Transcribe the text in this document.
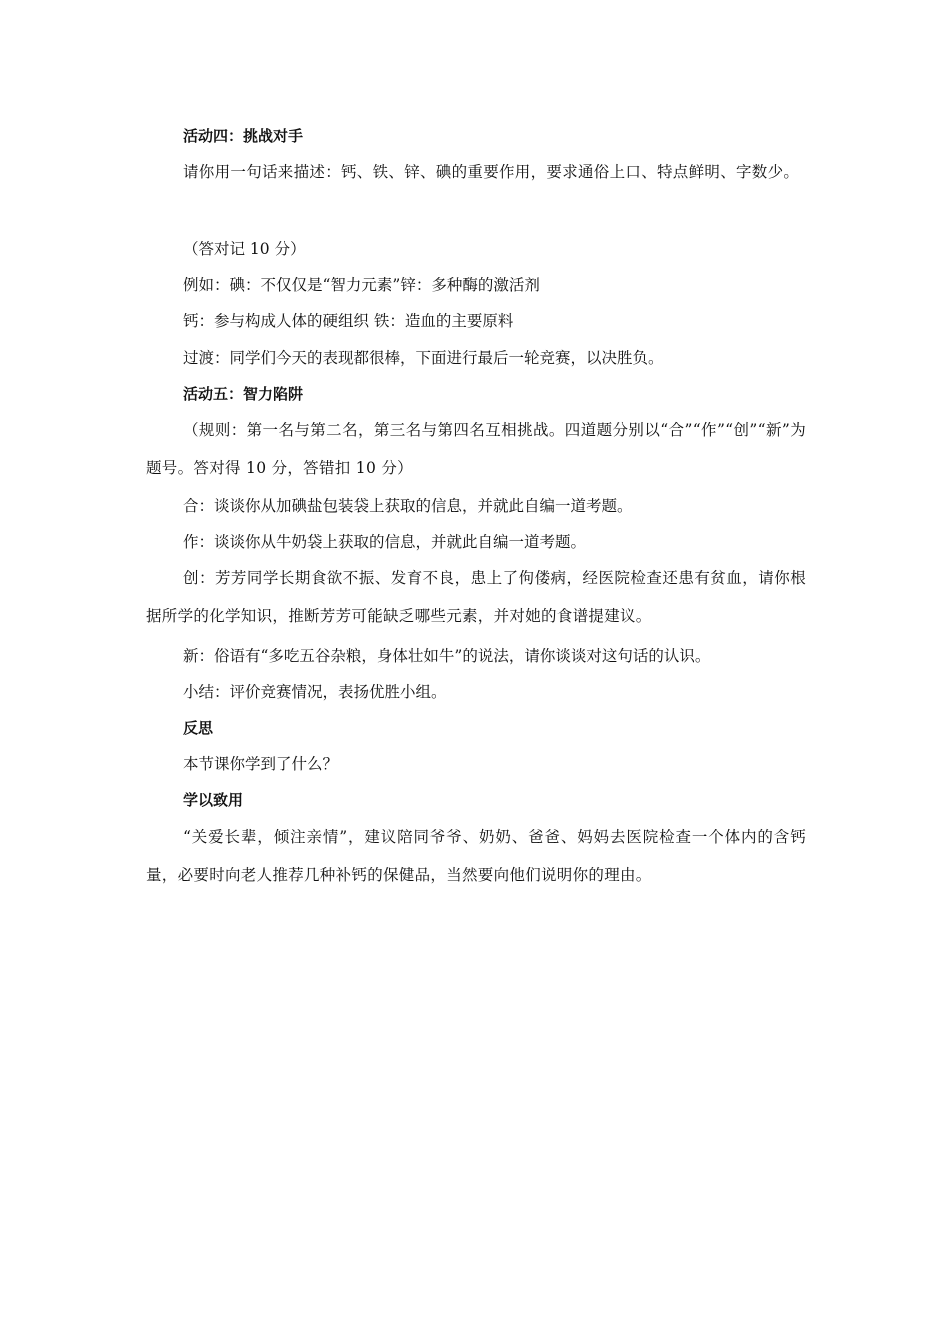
活动四：挑战对手

请你用一句话来描述：钙、铁、锌、碘的重要作用，要求通俗上口、特点鲜明、字数少。

（答对记 10 分）

例如：碘：不仅仅是“智力元素”锌：多种酶的激活剂

钙：参与构成人体的硬组织 铁：造血的主要原料

过渡：同学们今天的表现都很棒，下面进行最后一轮竞赛，以决胜负。

活动五：智力陷阱

（规则：第一名与第二名，第三名与第四名互相挑战。四道题分别以“合”“作”“创”“新”为题号。答对得 10 分，答错扣 10 分）

合：谈谈你从加碘盐包装袋上获取的信息，并就此自编一道考题。

作：谈谈你从牛奶袋上获取的信息，并就此自编一道考题。

创：芳芳同学长期食欲不振、发育不良，患上了佝偻病，经医院检查还患有贫血，请你根据所学的化学知识，推断芳芳可能缺乏哪些元素，并对她的食谱提建议。

新：俗语有“多吃五谷杂粮，身体壮如牛”的说法，请你谈谈对这句话的认识。

小结：评价竞赛情况，表扬优胜小组。

反思

本节课你学到了什么？

学以致用

“关爱长辈，倾注亲情”，建议陪同爷爷、奶奶、爸爸、妈妈去医院检查一个体内的含钙量，必要时向老人推荐几种补钙的保健品，当然要向他们说明你的理由。
